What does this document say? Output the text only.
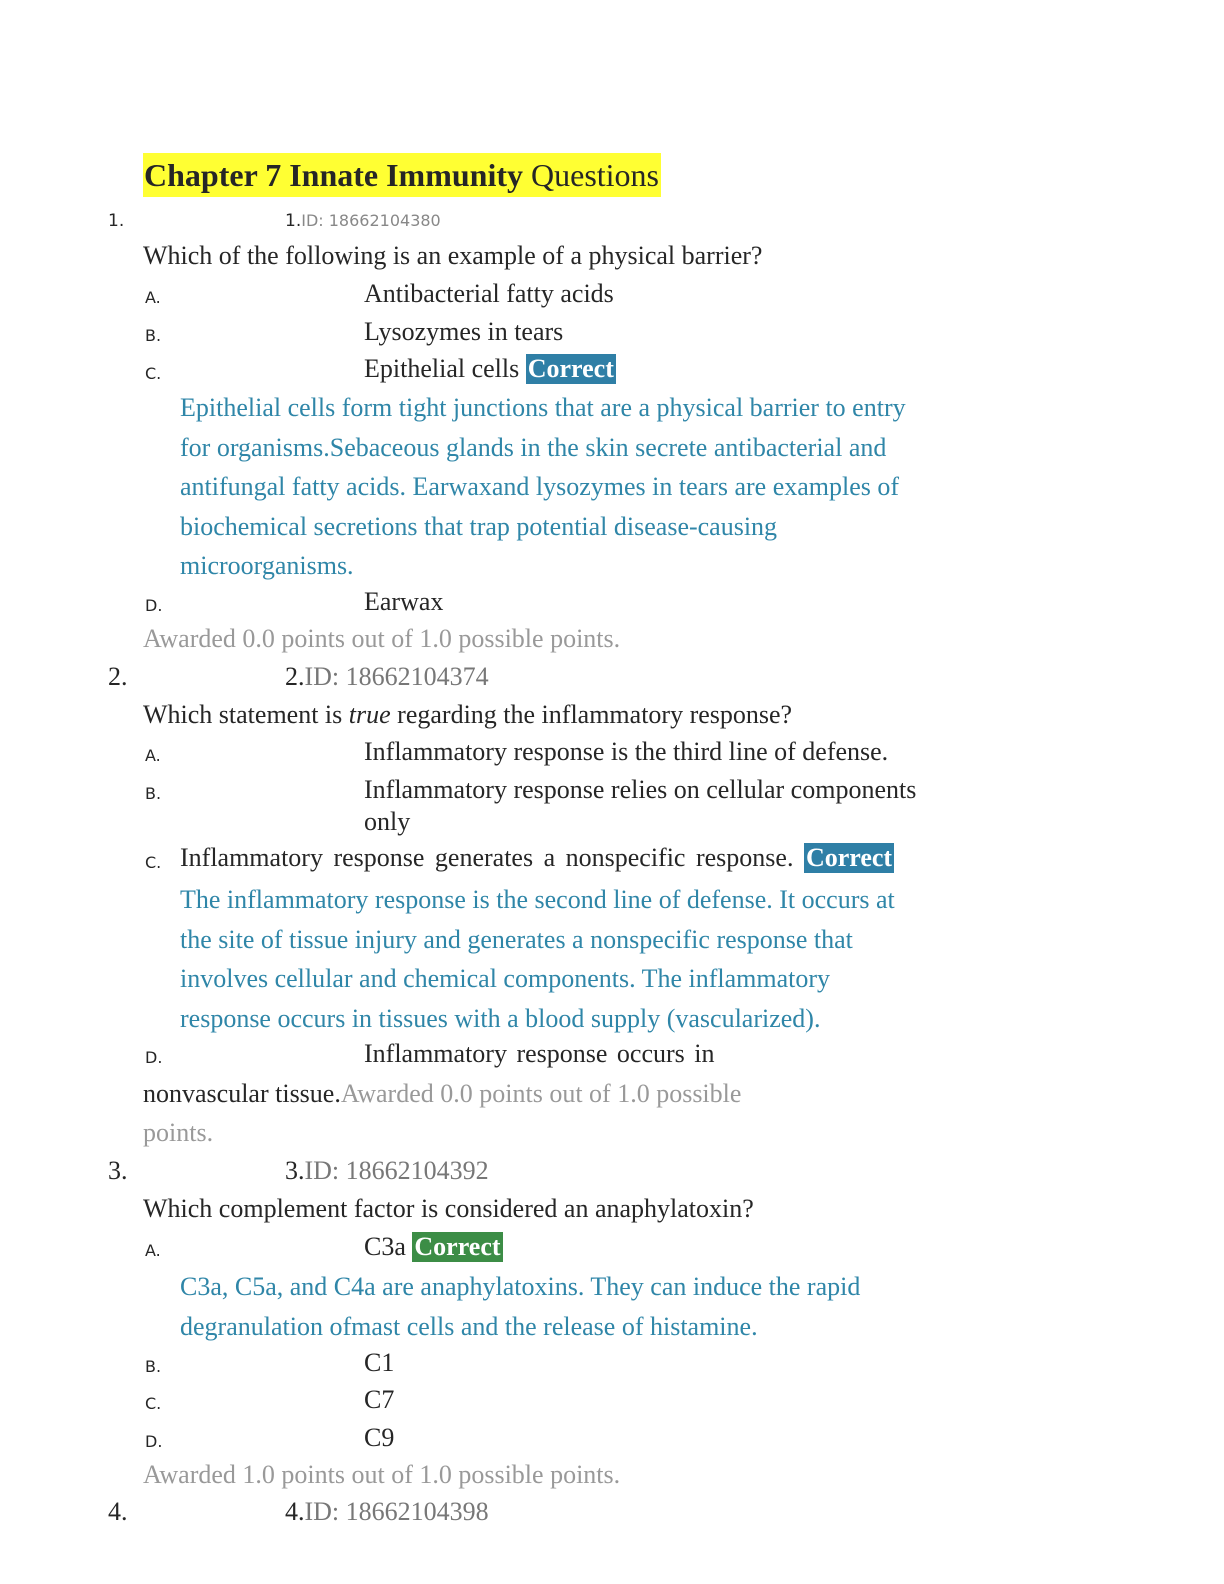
Chapter 7 Innate Immunity Questions
1.	1.ID: 18662104380
Which of the following is an example of a physical barrier?
A.	Antibacterial fatty acids
B.	Lysozymes in tears
C.	Epithelial cells Correct
Epithelial cells form tight junctions that are a physical barrier to entry
for organisms.Sebaceous glands in the skin secrete antibacterial and
antifungal fatty acids. Earwaxand lysozymes in tears are examples of
biochemical secretions that trap potential disease-causing
microorganisms.
D.	Earwax
Awarded 0.0 points out of 1.0 possible points.
2.	2.ID: 18662104374
Which statement is true regarding the inflammatory response?
A.	Inflammatory response is the third line of defense.
B.	Inflammatory response relies on cellular components
only
C. Inflammatory response generates a nonspecific response. Correct
The inflammatory response is the second line of defense. It occurs at
the site of tissue injury and generates a nonspecific response that
involves cellular and chemical components. The inflammatory
response occurs in tissues with a blood supply (vascularized).
D.	Inflammatory response occurs in
nonvascular tissue.Awarded 0.0 points out of 1.0 possible
points.
3.	3.ID: 18662104392
Which complement factor is considered an anaphylatoxin?
A.	C3a Correct
C3a, C5a, and C4a are anaphylatoxins. They can induce the rapid
degranulation ofmast cells and the release of histamine.
B.	C1
C.	C7
D.	C9
Awarded 1.0 points out of 1.0 possible points.
4.	4.ID: 18662104398
